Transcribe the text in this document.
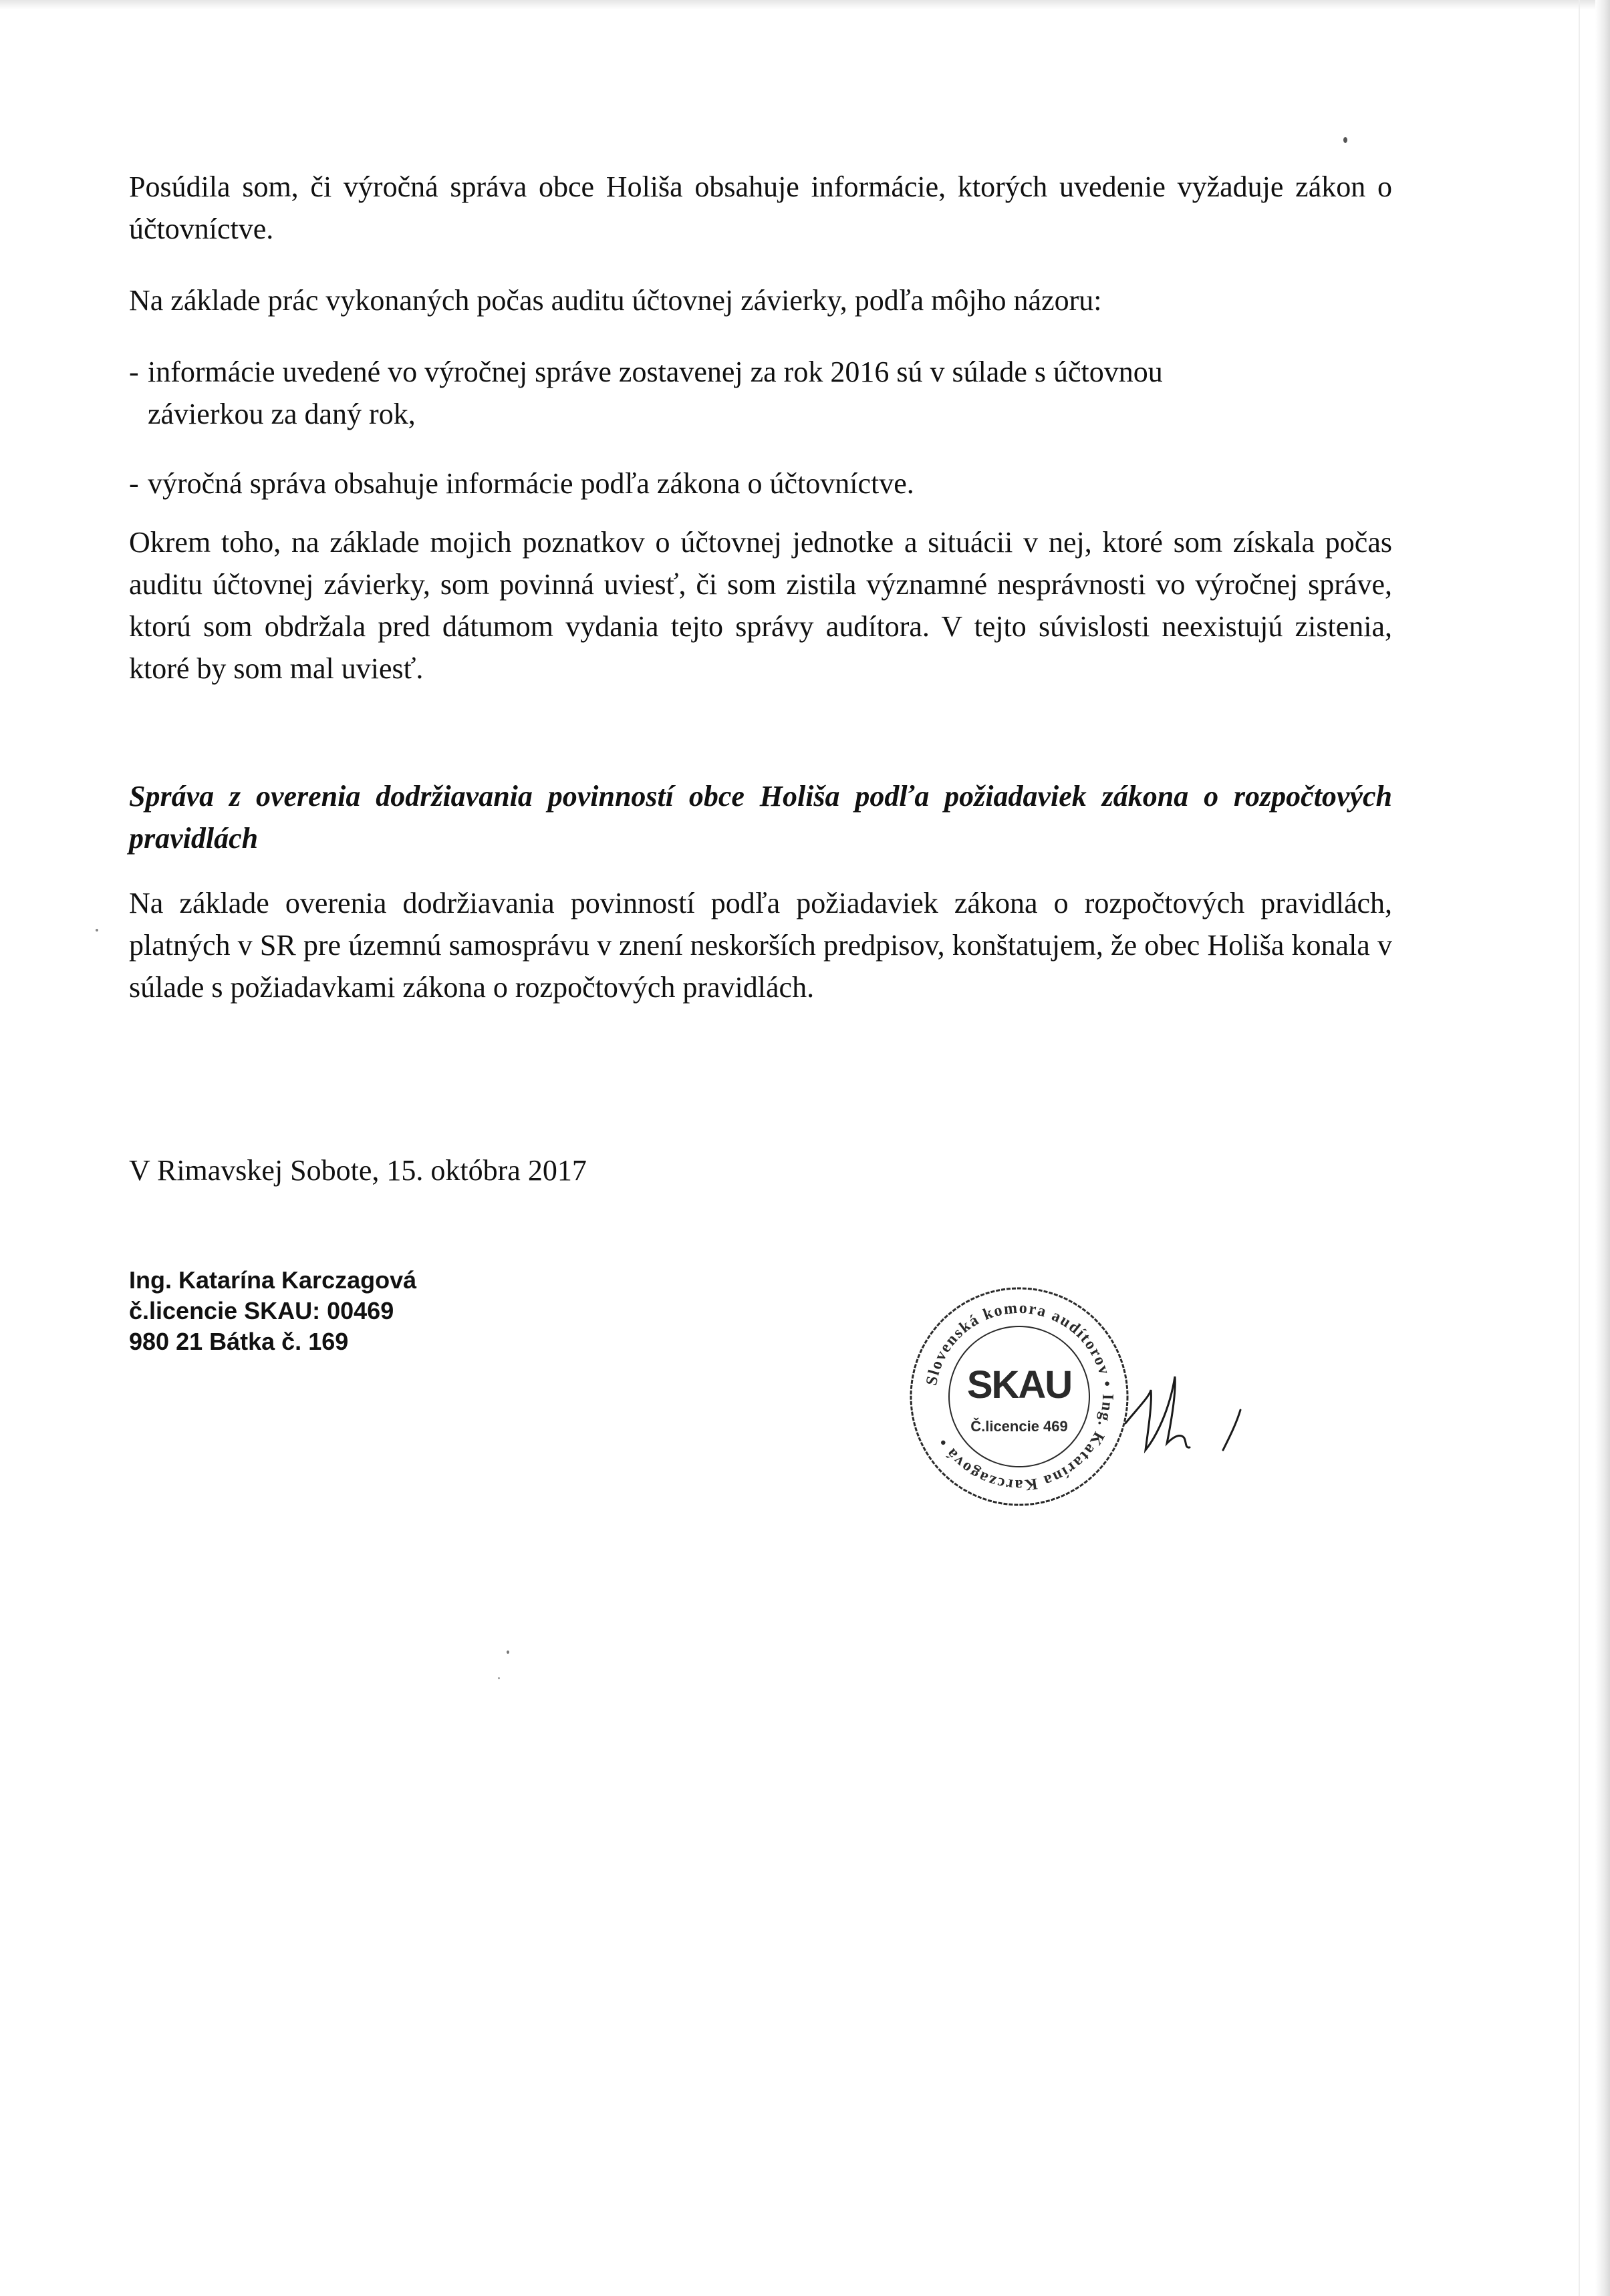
Posúdila som, či výročná správa obce Holiša obsahuje informácie, ktorých uvedenie vyžaduje zákon o účtovníctve.

Na základe prác vykonaných počas auditu účtovnej závierky, podľa môjho názoru:

- informácie uvedené vo výročnej správe zostavenej za rok 2016 sú v súlade s účtovnou
závierkou za daný rok,
- výročná správa obsahuje informácie podľa zákona o účtovníctve.

Okrem toho, na základe mojich poznatkov o účtovnej jednotke a situácii v nej, ktoré som získala počas auditu účtovnej závierky, som povinná uviesť, či som zistila významné nesprávnosti vo výročnej správe, ktorú som obdržala pred dátumom vydania tejto správy audítora. V tejto súvislosti neexistujú zistenia, ktoré by som mal uviesť.

Správa z overenia dodržiavania povinností obce Holiša podľa požiadaviek zákona o rozpočtových pravidlách

Na základe overenia dodržiavania povinností podľa požiadaviek zákona o rozpočtových pravidlách, platných v SR pre územnú samosprávu v znení neskorších predpisov, konštatujem, že obec Holiša konala v súlade s požiadavkami zákona o rozpočtových pravidlách.

V Rimavskej Sobote, 15. októbra 2017

Ing. Katarína Karczagová
č.licencie SKAU: 00469
980 21 Bátka č. 169
Slovenská komora audítorov • Ing. Katarína Karczagová •
SKAU
Č.licencie 469
